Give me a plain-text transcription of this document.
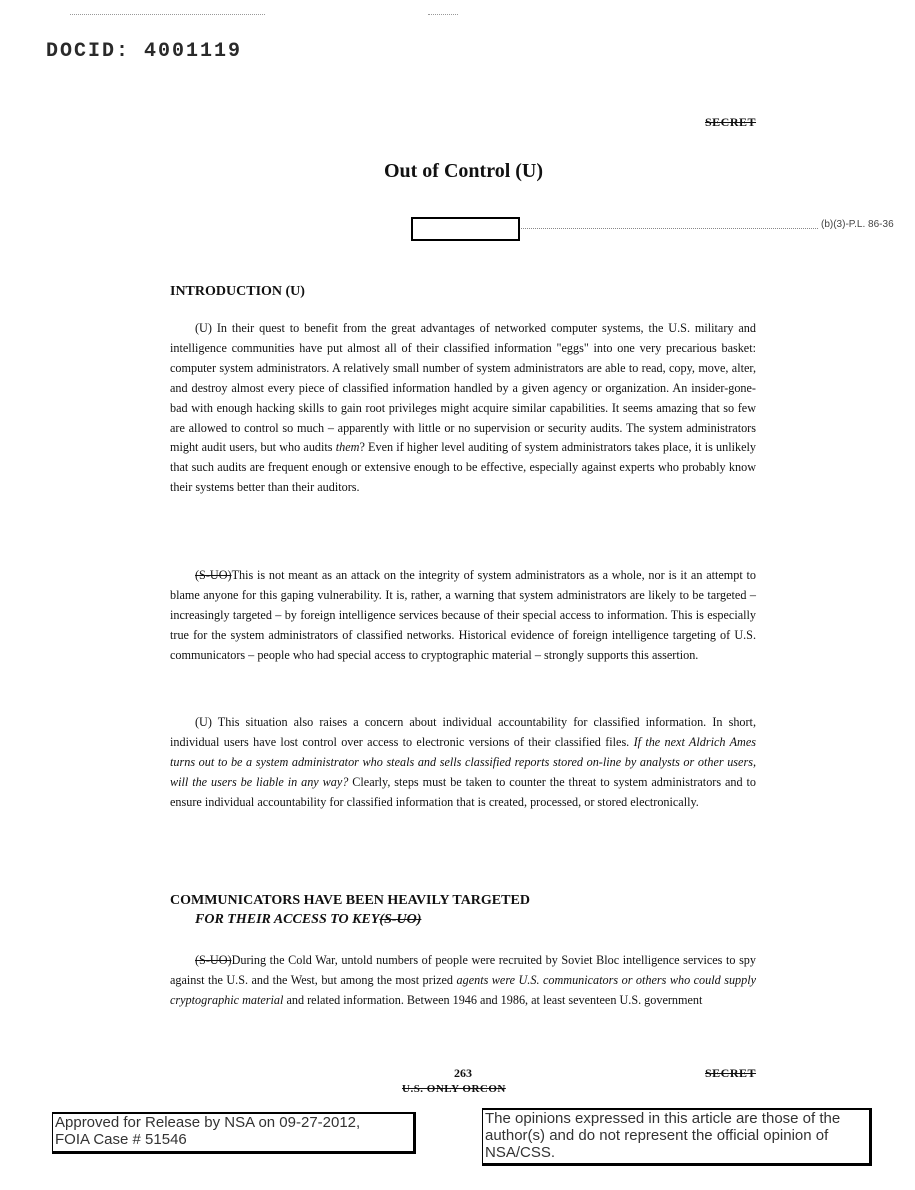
DOCID: 4001119
SECRET
Out of Control (U)
(b)(3)-P.L. 86-36
INTRODUCTION (U)
(U) In their quest to benefit from the great advantages of networked computer systems, the U.S. military and intelligence communities have put almost all of their classified information "eggs" into one very precarious basket: computer system administrators. A relatively small number of system administrators are able to read, copy, move, alter, and destroy almost every piece of classified information handled by a given agency or organization. An insider-gone-bad with enough hacking skills to gain root privileges might acquire similar capabilities. It seems amazing that so few are allowed to control so much – apparently with little or no supervision or security audits. The system administrators might audit users, but who audits them? Even if higher level auditing of system administrators takes place, it is unlikely that such audits are frequent enough or extensive enough to be effective, especially against experts who probably know their systems better than their auditors.
(S-UO)This is not meant as an attack on the integrity of system administrators as a whole, nor is it an attempt to blame anyone for this gaping vulnerability. It is, rather, a warning that system administrators are likely to be targeted – increasingly targeted – by foreign intelligence services because of their special access to information. This is especially true for the system administrators of classified networks. Historical evidence of foreign intelligence targeting of U.S. communicators – people who had special access to cryptographic material – strongly supports this assertion.
(U) This situation also raises a concern about individual accountability for classified information. In short, individual users have lost control over access to electronic versions of their classified files. If the next Aldrich Ames turns out to be a system administrator who steals and sells classified reports stored on-line by analysts or other users, will the users be liable in any way? Clearly, steps must be taken to counter the threat to system administrators and to ensure individual accountability for classified information that is created, processed, or stored electronically.
COMMUNICATORS HAVE BEEN HEAVILY TARGETED
FOR THEIR ACCESS TO KEY(S-UO)
(S-UO)During the Cold War, untold numbers of people were recruited by Soviet Bloc intelligence services to spy against the U.S. and the West, but among the most prized agents were U.S. communicators or others who could supply cryptographic material and related information. Between 1946 and 1986, at least seventeen U.S. government
263	SECRET
U.S. ONLY ORCON
Approved for Release by NSA on 09-27-2012,
FOIA Case # 51546
The opinions expressed in this article are those of the author(s) and do not represent the official opinion of NSA/CSS.
